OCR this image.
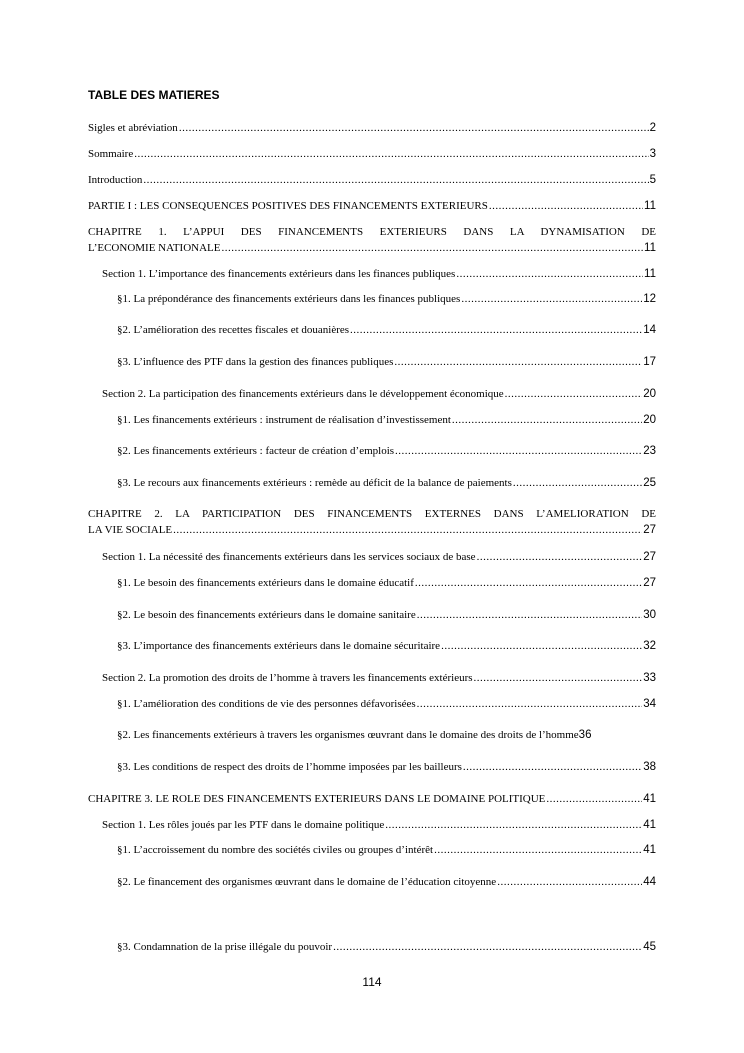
TABLE DES MATIERES
Sigles et abréviation .....	2
Sommaire .....	3
Introduction .....	5
PARTIE I : LES CONSEQUENCES POSITIVES DES FINANCEMENTS EXTERIEURS .....	11
CHAPITRE 1. L’APPUI DES FINANCEMENTS EXTERIEURS DANS LA DYNAMISATION DE
L’ECONOMIE NATIONALE .....	11
Section 1. L’importance des financements extérieurs dans les finances publiques .....	11
§1. La prépondérance des financements extérieurs dans les finances publiques .....	12
§2. L’amélioration des recettes fiscales et douanières .....	14
§3. L’influence des PTF dans la gestion des finances publiques .....	17
Section 2. La participation des financements extérieurs dans le développement économique .....	20
§1. Les financements extérieurs : instrument de réalisation d’investissement .....	20
§2. Les financements extérieurs : facteur de création d’emplois .....	23
§3. Le recours aux financements extérieurs : remède au déficit de la balance de paiements .....	25
CHAPITRE 2. LA PARTICIPATION DES FINANCEMENTS EXTERNES DANS L’AMELIORATION DE
LA VIE SOCIALE .....	27
Section 1. La nécessité des financements extérieurs dans les services sociaux de base .....	27
§1. Le besoin des financements extérieurs dans le domaine éducatif .....	27
§2. Le besoin des financements extérieurs dans le domaine sanitaire .....	30
§3. L’importance des financements extérieurs dans le domaine sécuritaire .....	32
Section 2. La promotion des droits de l’homme à travers les financements extérieurs .....	33
§1. L’amélioration des conditions de vie des personnes défavorisées .....	34
§2. Les financements extérieurs à travers les organismes œuvrant dans le domaine des droits de l’homme 36
§3. Les conditions de respect des droits de l’homme imposées par les bailleurs .....	38
CHAPITRE 3. LE ROLE DES FINANCEMENTS EXTERIEURS DANS LE DOMAINE POLITIQUE .....	41
Section 1. Les rôles joués par les PTF dans le domaine politique .....	41
§1. L’accroissement du nombre des sociétés civiles ou groupes d’intérêt .....	41
§2. Le financement des organismes œuvrant dans le domaine de l’éducation citoyenne .....	44
§3. Condamnation de la prise illégale du pouvoir .....	45
114
